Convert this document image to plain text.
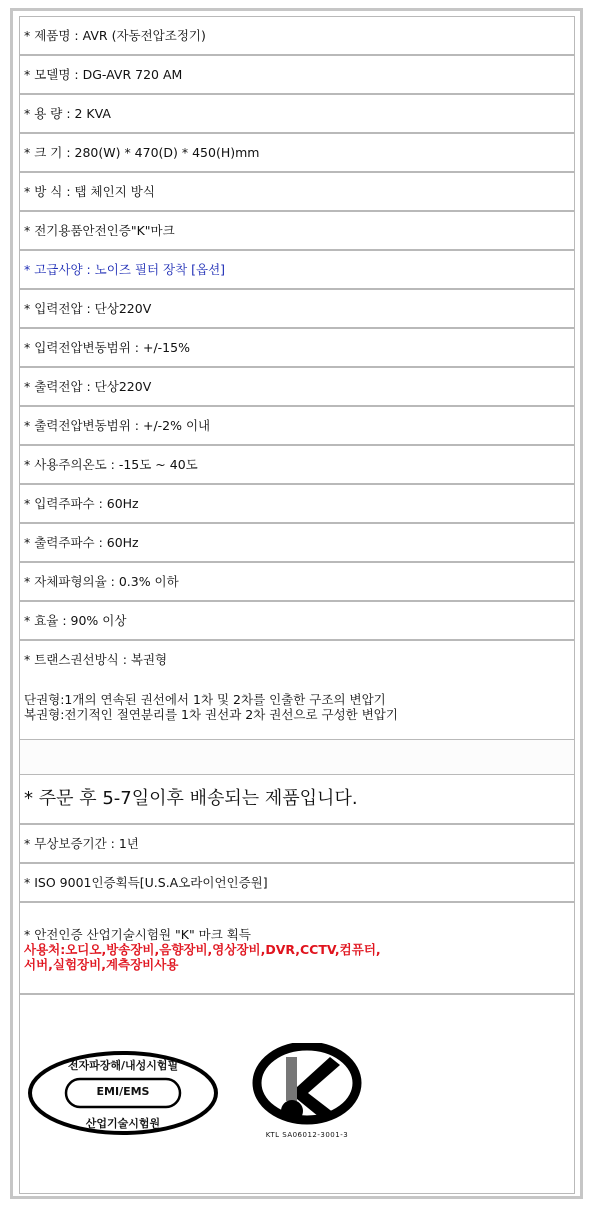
* 제품명 : AVR (자동전압조정기)
* 모델명 : DG-AVR 720 AM
* 용 량 : 2 KVA
* 크 기 : 280(W) * 470(D) * 450(H)mm
* 방 식 : 탭 체인지 방식
* 전기용품안전인증"K"마크
* 고급사양 : 노이즈 필터 장착 [옵션]
* 입력전압 : 단상220V
* 입력전압변동범위 : +/-15%
* 출력전압 : 단상220V
* 출력전압변동범위 : +/-2% 이내
* 사용주의온도 : -15도 ~ 40도
* 입력주파수 : 60Hz
* 출력주파수 : 60Hz
* 자체파형의율 : 0.3% 이하
* 효율 : 90% 이상
* 트랜스권선방식 : 복권형
단권형:1개의 연속된 권선에서 1차 및 2차를 인출한 구조의 변압기
복권형:전기적인 절연분리를 1차 권선과 2차 권선으로 구성한 변압기
* 주문 후 5-7일이후 배송되는 제품입니다.
* 무상보증기간 : 1년
* ISO 9001인증획득[U.S.A오라이언인증원]
* 안전인증 산업기술시험원 "K" 마크 획득
사용처:오디오,방송장비,음향장비,영상장비,DVR,CCTV,컴퓨터,
서버,실험장비,계측장비사용
전자파장해/내성시험필
EMI/EMS
산업기술시험원
KTL SA06012-3001-3
